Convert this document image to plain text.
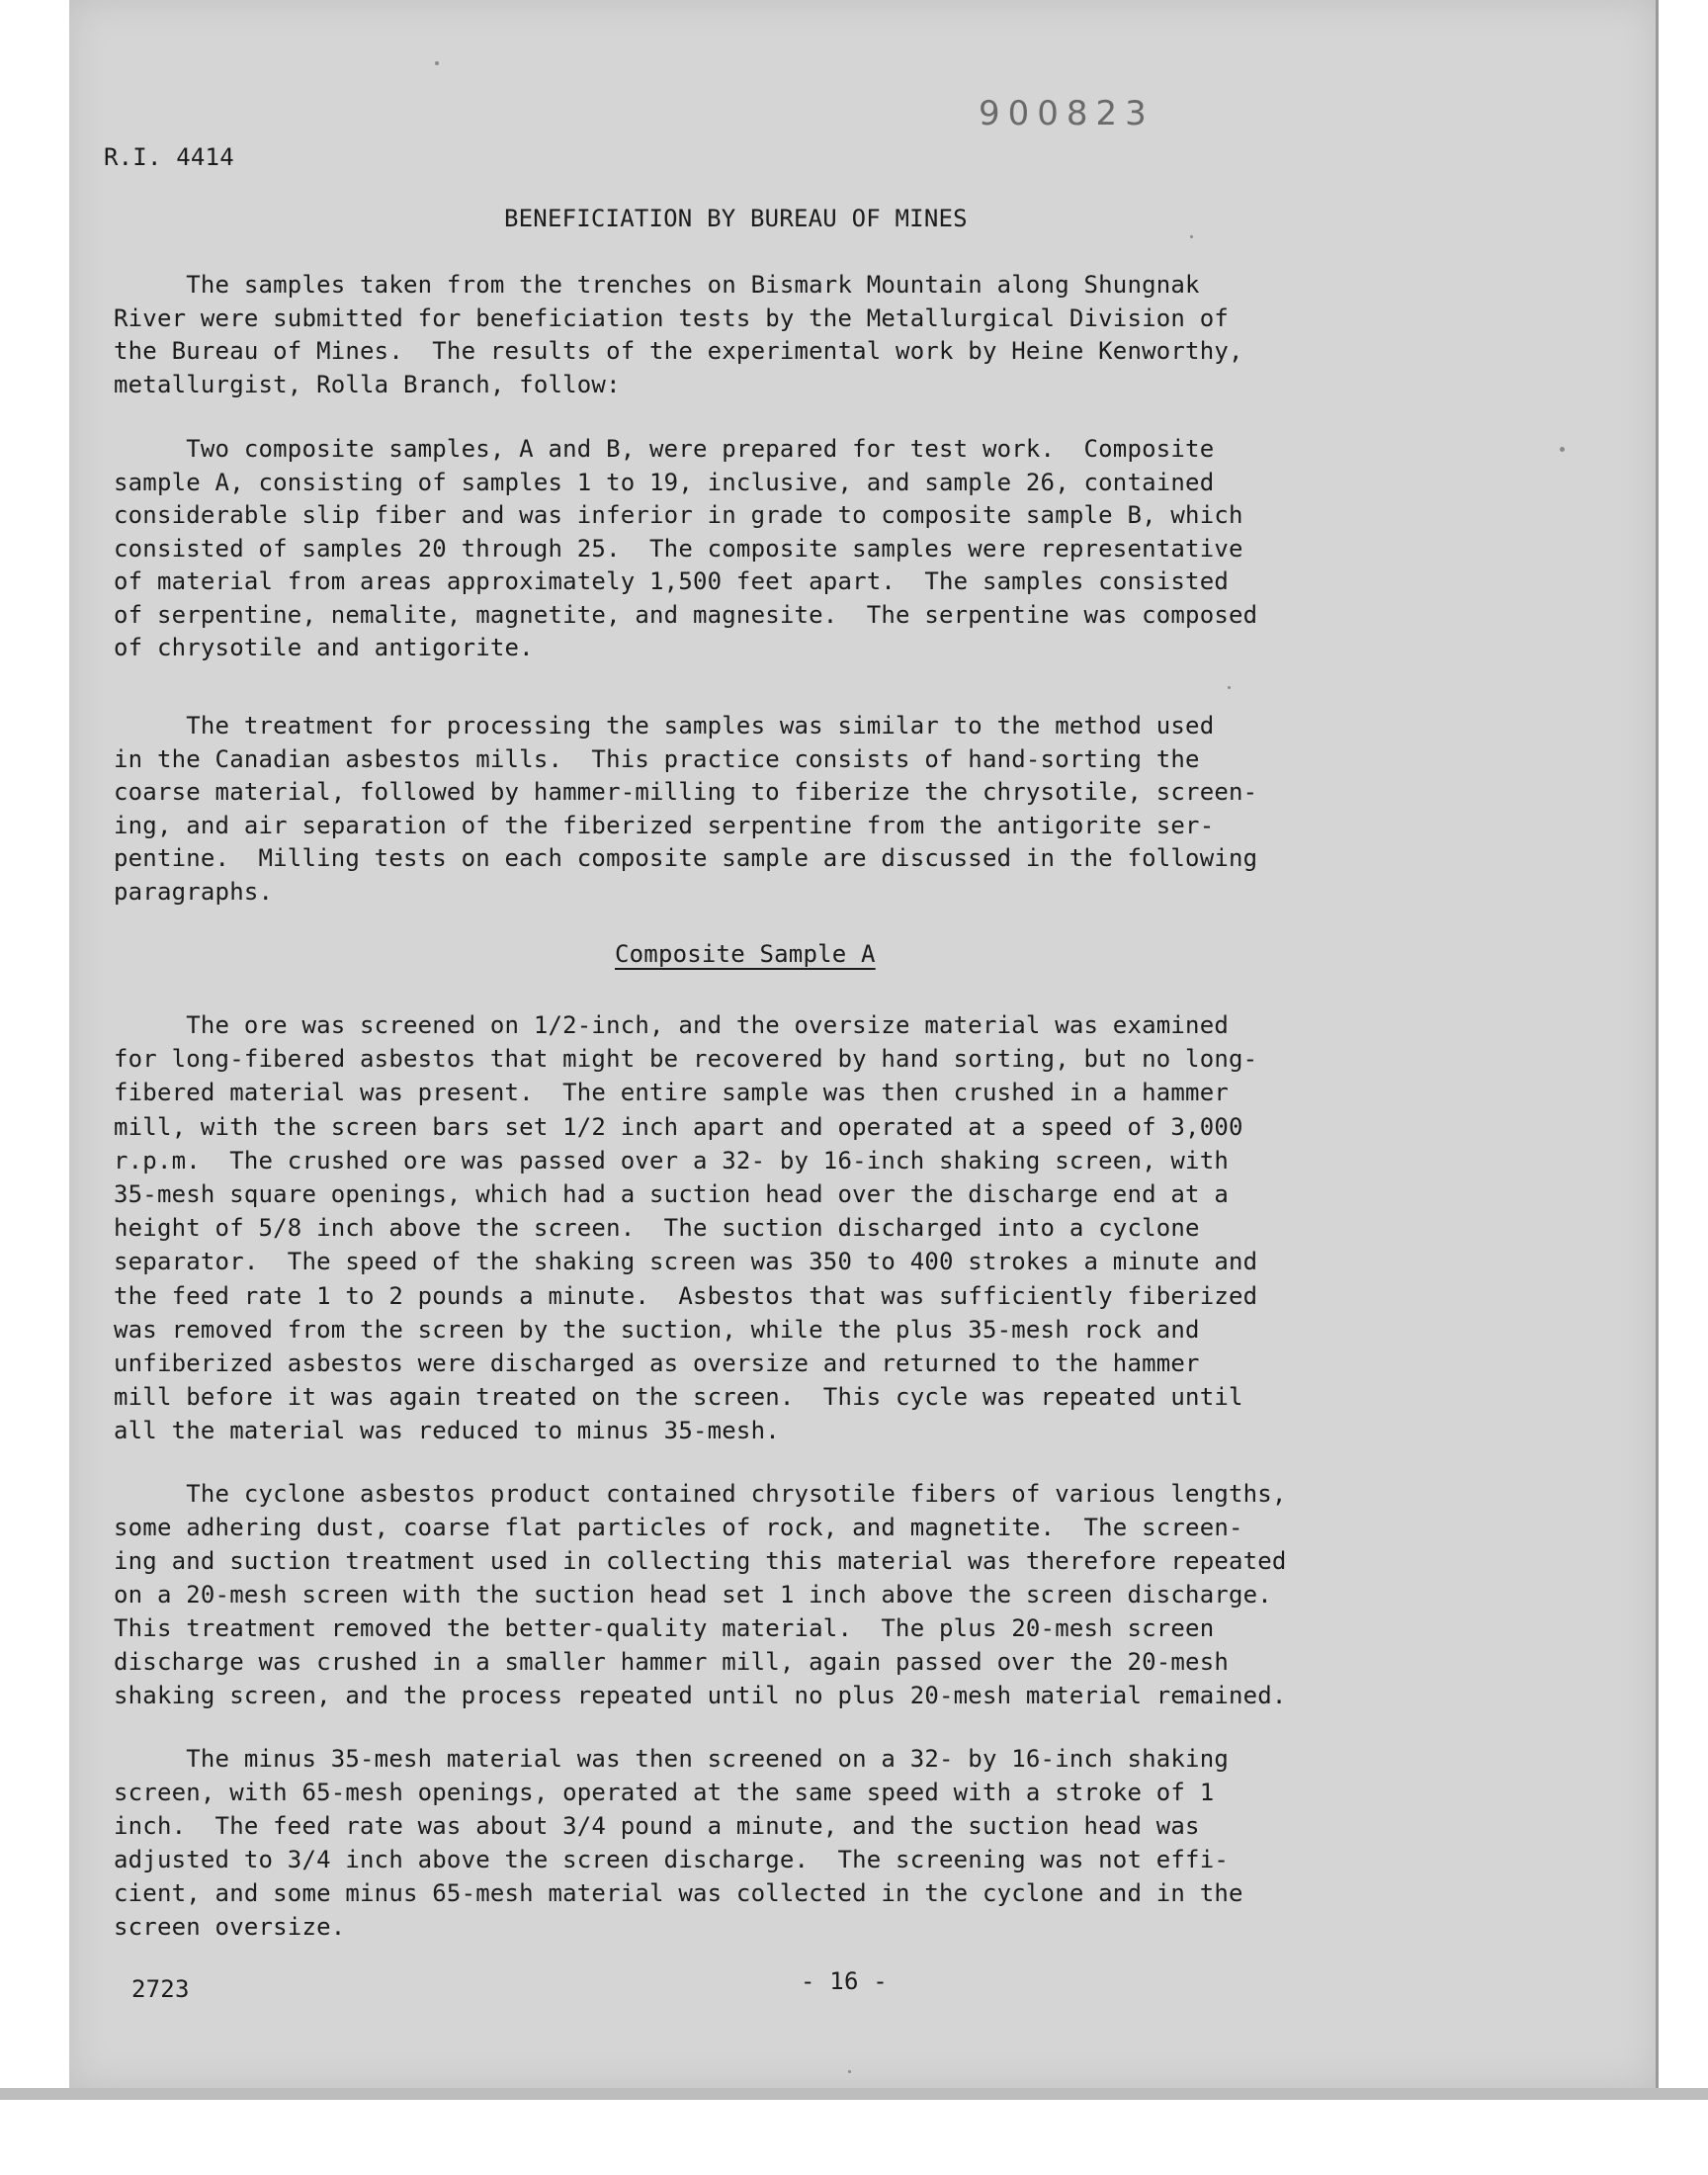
R.I. 4414
900823
BENEFICIATION BY BUREAU OF MINES
The samples taken from the trenches on Bismark Mountain along Shungnak
River were submitted for beneficiation tests by the Metallurgical Division of
the Bureau of Mines.  The results of the experimental work by Heine Kenworthy,
metallurgist, Rolla Branch, follow:
Two composite samples, A and B, were prepared for test work.  Composite
sample A, consisting of samples 1 to 19, inclusive, and sample 26, contained
considerable slip fiber and was inferior in grade to composite sample B, which
consisted of samples 20 through 25.  The composite samples were representative
of material from areas approximately 1,500 feet apart.  The samples consisted
of serpentine, nemalite, magnetite, and magnesite.  The serpentine was composed
of chrysotile and antigorite.
The treatment for processing the samples was similar to the method used
in the Canadian asbestos mills.  This practice consists of hand-sorting the
coarse material, followed by hammer-milling to fiberize the chrysotile, screen-
ing, and air separation of the fiberized serpentine from the antigorite ser-
pentine.  Milling tests on each composite sample are discussed in the following
paragraphs.
Composite Sample A
The ore was screened on 1/2-inch, and the oversize material was examined
for long-fibered asbestos that might be recovered by hand sorting, but no long-
fibered material was present.  The entire sample was then crushed in a hammer
mill, with the screen bars set 1/2 inch apart and operated at a speed of 3,000
r.p.m.  The crushed ore was passed over a 32- by 16-inch shaking screen, with
35-mesh square openings, which had a suction head over the discharge end at a
height of 5/8 inch above the screen.  The suction discharged into a cyclone
separator.  The speed of the shaking screen was 350 to 400 strokes a minute and
the feed rate 1 to 2 pounds a minute.  Asbestos that was sufficiently fiberized
was removed from the screen by the suction, while the plus 35-mesh rock and
unfiberized asbestos were discharged as oversize and returned to the hammer
mill before it was again treated on the screen.  This cycle was repeated until
all the material was reduced to minus 35-mesh.
The cyclone asbestos product contained chrysotile fibers of various lengths,
some adhering dust, coarse flat particles of rock, and magnetite.  The screen-
ing and suction treatment used in collecting this material was therefore repeated
on a 20-mesh screen with the suction head set 1 inch above the screen discharge.
This treatment removed the better-quality material.  The plus 20-mesh screen
discharge was crushed in a smaller hammer mill, again passed over the 20-mesh
shaking screen, and the process repeated until no plus 20-mesh material remained.
The minus 35-mesh material was then screened on a 32- by 16-inch shaking
screen, with 65-mesh openings, operated at the same speed with a stroke of 1
inch.  The feed rate was about 3/4 pound a minute, and the suction head was
adjusted to 3/4 inch above the screen discharge.  The screening was not effi-
cient, and some minus 65-mesh material was collected in the cyclone and in the
screen oversize.
2723	- 16 -
